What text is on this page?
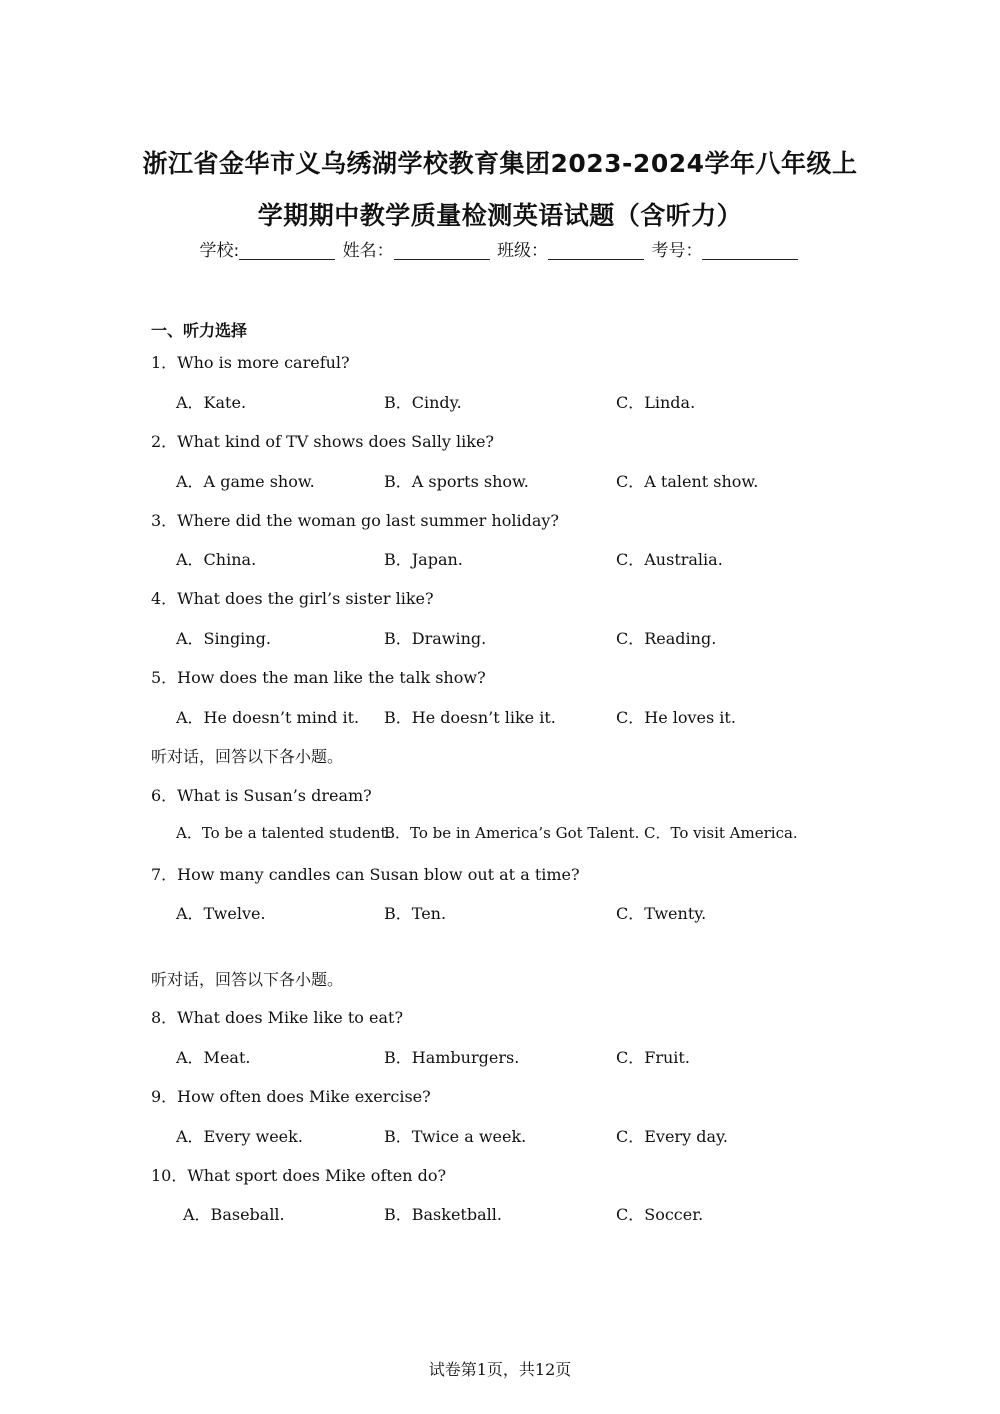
浙江省金华市义乌绣湖学校教育集团2023-2024学年八年级上
学期期中教学质量检测英语试题（含听力）
学校:	姓名：	班级：	考号：
一、听力选择
1．Who is more careful?
A．Kate.	B．Cindy.	C．Linda.
2．What kind of TV shows does Sally like?
A．A game show.	B．A sports show.	C．A talent show.
3．Where did the woman go last summer holiday?
A．China.	B．Japan.	C．Australia.
4．What does the girl’s sister like?
A．Singing.	B．Drawing.	C．Reading.
5．How does the man like the talk show?
A．He doesn’t mind it. B．He doesn’t like it.	C．He loves it.
听对话，回答以下各小题。
6．What is Susan’s dream?
A．To be a talented student.
B．To be in America’s Got Talent. C．To visit America.
7．How many candles can Susan blow out at a time?
A．Twelve.	B．Ten.	C．Twenty.
听对话，回答以下各小题。
8．What does Mike like to eat?
A．Meat.	B．Hamburgers.	C．Fruit.
9．How often does Mike exercise?
A．Every week.	B．Twice a week.	C．Every day.
10．What sport does Mike often do?
A．Baseball.	B．Basketball.	C．Soccer.
试卷第1页，共12页
